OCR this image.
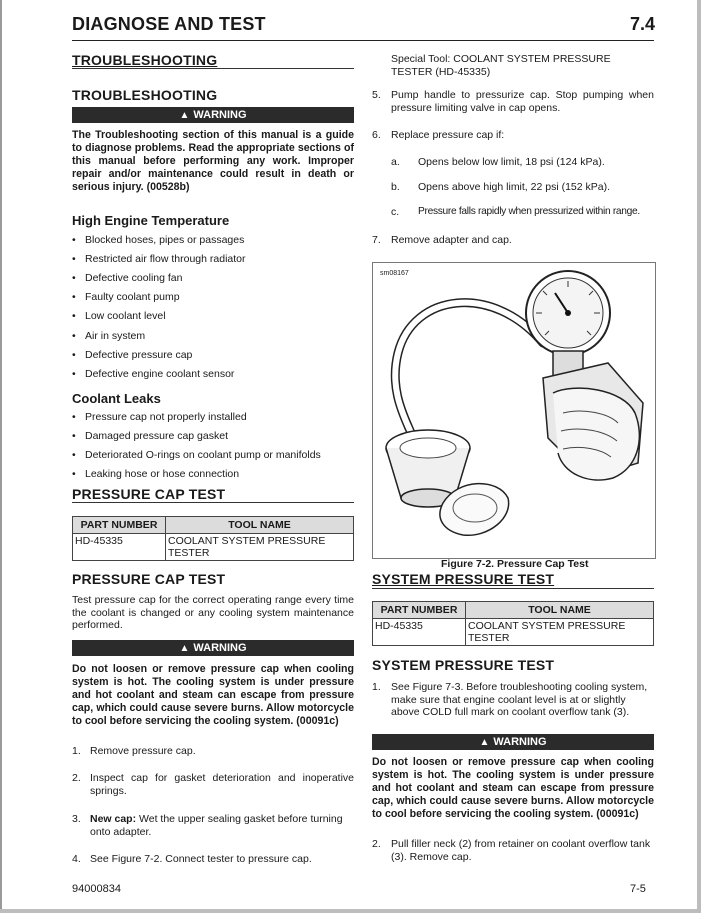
DIAGNOSE AND TEST	7.4
TROUBLESHOOTING
TROUBLESHOOTING
▲ WARNING
The Troubleshooting section of this manual is a guide to diagnose problems. Read the appropriate sections of this manual before performing any work. Improper repair and/or maintenance could result in death or serious injury. (00528b)
High Engine Temperature
• Blocked hoses, pipes or passages
• Restricted air flow through radiator
• Defective cooling fan
• Faulty coolant pump
• Low coolant level
• Air in system
• Defective pressure cap
• Defective engine coolant sensor
Coolant Leaks
• Pressure cap not properly installed
• Damaged pressure cap gasket
• Deteriorated O-rings on coolant pump or manifolds
• Leaking hose or hose connection
PRESSURE CAP TEST
PART NUMBER	TOOL NAME
HD-45335	COOLANT SYSTEM PRESSURE
TESTER
PRESSURE CAP TEST
Test pressure cap for the correct operating range every time the coolant is changed or any cooling system maintenance performed.
▲ WARNING
Do not loosen or remove pressure cap when cooling system is hot. The cooling system is under pressure and hot coolant and steam can escape from pressure cap, which could cause severe burns. Allow motorcycle to cool before servicing the cooling system. (00091c)
1. Remove pressure cap.
2. Inspect cap for gasket deterioration and inoperative springs.
3. New cap: Wet the upper sealing gasket before turning onto adapter.
4. See Figure 7-2. Connect tester to pressure cap.
Special Tool: COOLANT SYSTEM PRESSURE TESTER (HD-45335)
5. Pump handle to pressurize cap. Stop pumping when pressure limiting valve in cap opens.
6. Replace pressure cap if:
a. Opens below low limit, 18 psi (124 kPa).
b. Opens above high limit, 22 psi (152 kPa).
c. Pressure falls rapidly when pressurized within range.
7. Remove adapter and cap.
sm08167
Figure 7-2. Pressure Cap Test
SYSTEM PRESSURE TEST
PART NUMBER	TOOL NAME
HD-45335	COOLANT SYSTEM PRESSURE
TESTER
SYSTEM PRESSURE TEST
1. See Figure 7-3. Before troubleshooting cooling system, make sure that engine coolant level is at or slightly above COLD full mark on coolant overflow tank (3).
▲ WARNING
Do not loosen or remove pressure cap when cooling system is hot. The cooling system is under pressure and hot coolant and steam can escape from pressure cap, which could cause severe burns. Allow motorcycle to cool before servicing the cooling system. (00091c)
2. Pull filler neck (2) from retainer on coolant overflow tank (3). Remove cap.
94000834	7-5
